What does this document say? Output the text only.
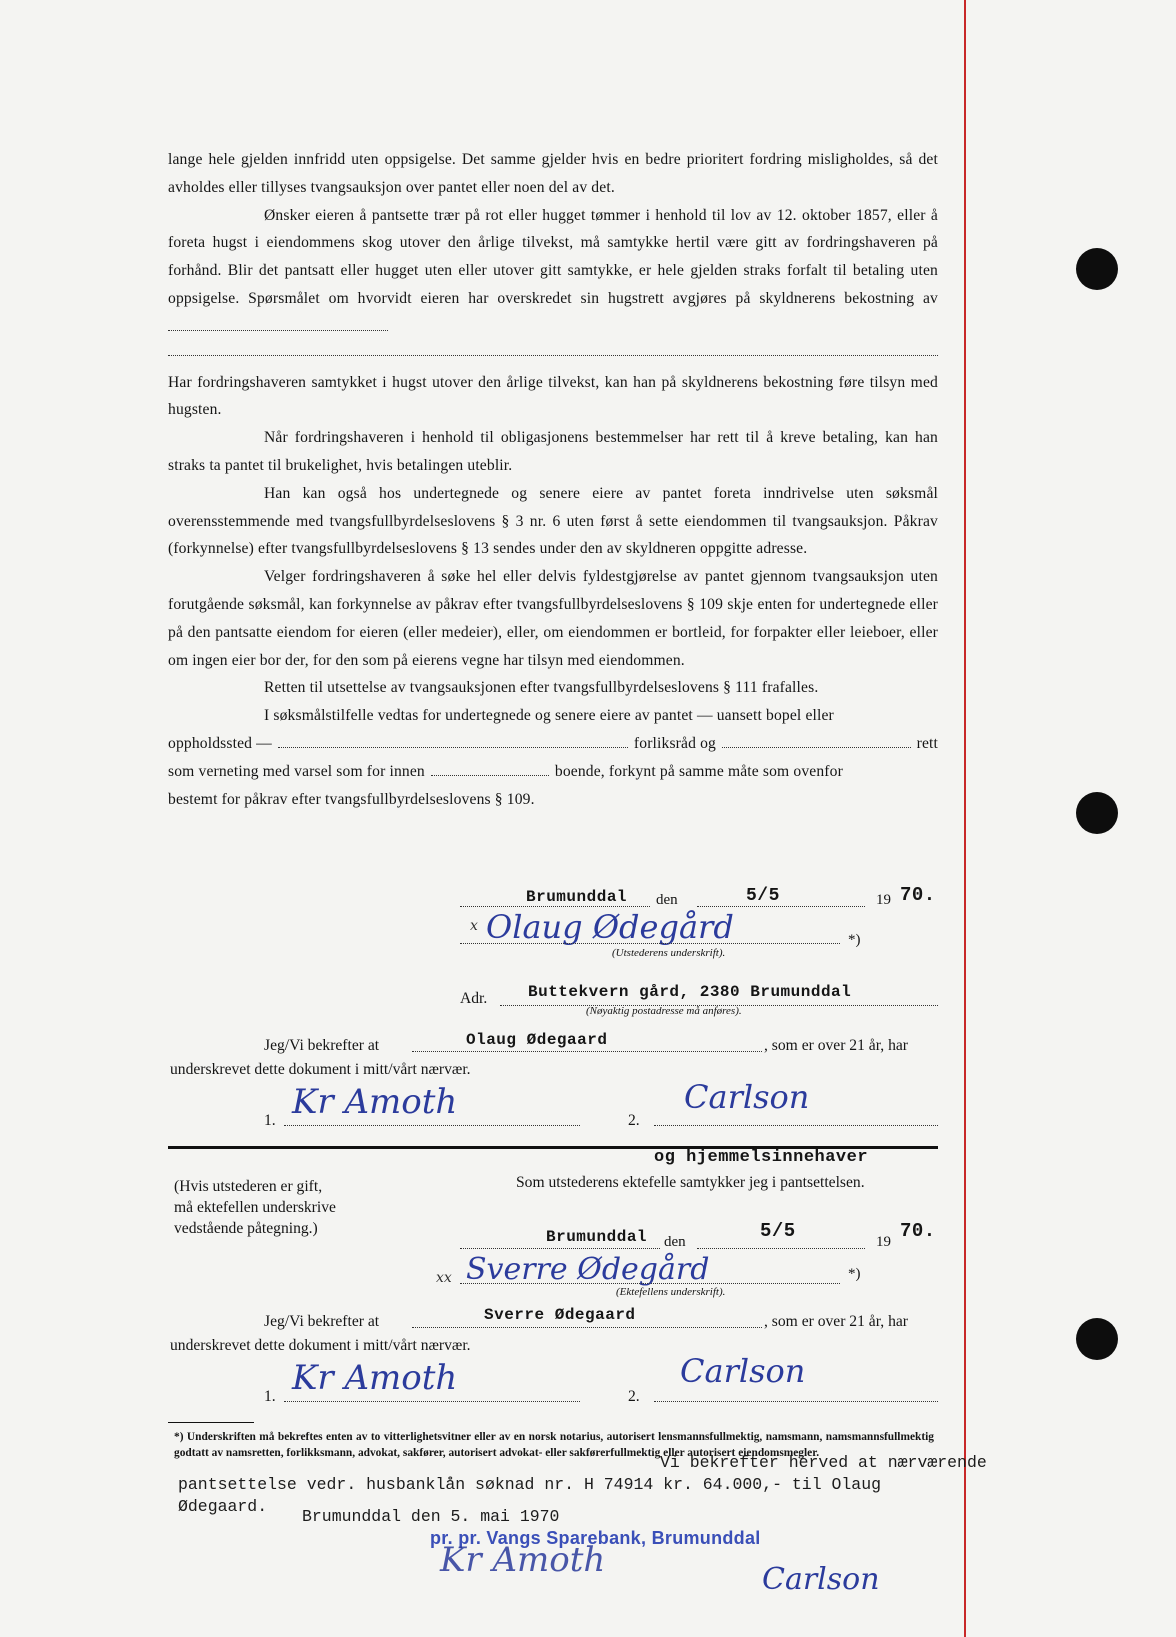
lange hele gjelden innfridd uten oppsigelse. Det samme gjelder hvis en bedre prioritert fordring misligholdes, så det avholdes eller tillyses tvangsauksjon over pantet eller noen del av det.

Ønsker eieren å pantsette trær på rot eller hugget tømmer i henhold til lov av 12. oktober 1857, eller å foreta hugst i eiendommens skog utover den årlige tilvekst, må samtykke hertil være gitt av fordringshaveren på forhånd. Blir det pantsatt eller hugget uten eller utover gitt samtykke, er hele gjelden straks forfalt til betaling uten oppsigelse. Spørsmålet om hvorvidt eieren har overskredet sin hugstrett avgjøres på skyldnerens bekostning av

Har fordringshaveren samtykket i hugst utover den årlige tilvekst, kan han på skyldnerens bekostning føre tilsyn med hugsten.

Når fordringshaveren i henhold til obligasjonens bestemmelser har rett til å kreve betaling, kan han straks ta pantet til brukelighet, hvis betalingen uteblir.

Han kan også hos undertegnede og senere eiere av pantet foreta inndrivelse uten søksmål overensstemmende med tvangsfullbyrdelseslovens § 3 nr. 6 uten først å sette eiendommen til tvangsauksjon. Påkrav (forkynnelse) efter tvangsfullbyrdelseslovens § 13 sendes under den av skyldneren oppgitte adresse.

Velger fordringshaveren å søke hel eller delvis fyldestgjørelse av pantet gjennom tvangsauksjon uten forutgående søksmål, kan forkynnelse av påkrav efter tvangsfullbyrdelseslovens § 109 skje enten for undertegnede eller på den pantsatte eiendom for eieren (eller medeier), eller, om eiendommen er bortleid, for forpakter eller leieboer, eller om ingen eier bor der, for den som på eierens vegne har tilsyn med eiendommen.

Retten til utsettelse av tvangsauksjonen efter tvangsfullbyrdelseslovens § 111 frafalles.

I søksmålstilfelle vedtas for undertegnede og senere eiere av pantet — uansett bopel eller

oppholdssted —	forliksråd og	rett

som verneting med varsel som for innen	boende, forkynt på samme måte som ovenfor

bestemt for påkrav efter tvangsfullbyrdelseslovens § 109.

Brumunddal den	5/5	19 70.
x Olaug Ødegård
(Utstederens underskrift).
*)
Adr.	Buttekvern gård, 2380 Brumunddal
(Nøyaktig postadresse må anføres).
Jeg/Vi bekrefter at	Olaug Ødegaard	, som er over 21 år, har
underskrevet dette dokument i mitt/vårt nærvær.
Kr Amoth	Carlson
1.	2.
og hjemmelsinnehaver
Som utstederens ektefelle samtykker jeg i pantsettelsen.
(Hvis utstederen er gift,
må ektefellen underskrive
vedstående påtegning.)	Brumunddal den	5/5	19 70.
xx Sverre Ødegård
(Ektefellens underskrift).
*)
Jeg/Vi bekrefter at	Sverre Ødegaard	, som er over 21 år, har
underskrevet dette dokument i mitt/vårt nærvær.
Kr Amoth	Carlson
1.	2.
*) Underskriften må bekreftes enten av to vitterlighetsvitner eller av en norsk notarius, autorisert lensmannsfullmektig, namsmann, namsmannsfullmektig godtatt av namsretten, forlikksmann, advokat, sakfører, autorisert advokat- eller sakførerfullmektig eller autorisert eiendomsmegler.
Vi bekrefter herved at nærværende
pantsettelse vedr. husbanklån søknad nr. H 74914 kr. 64.000,- til Olaug
Ødegaard.
Brumunddal den 5. mai 1970
pr. pr. Vangs Sparebank, Brumunddal
Kr Amoth	Carlson
